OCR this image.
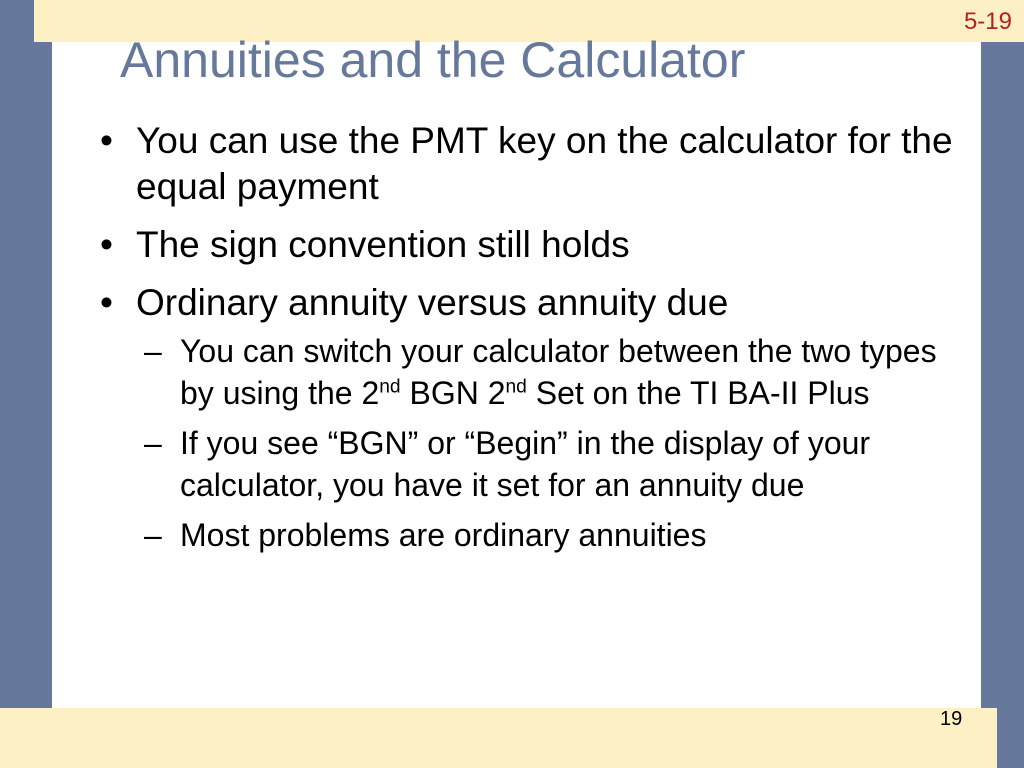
5-19
Annuities and the Calculator
• You can use the PMT key on the calculator for the equal payment
• The sign convention still holds
• Ordinary annuity versus annuity due
– You can switch your calculator between the two types by using the 2nd BGN 2nd Set on the TI BA-II Plus
– If you see “BGN” or “Begin” in the display of your calculator, you have it set for an annuity due
– Most problems are ordinary annuities
19
